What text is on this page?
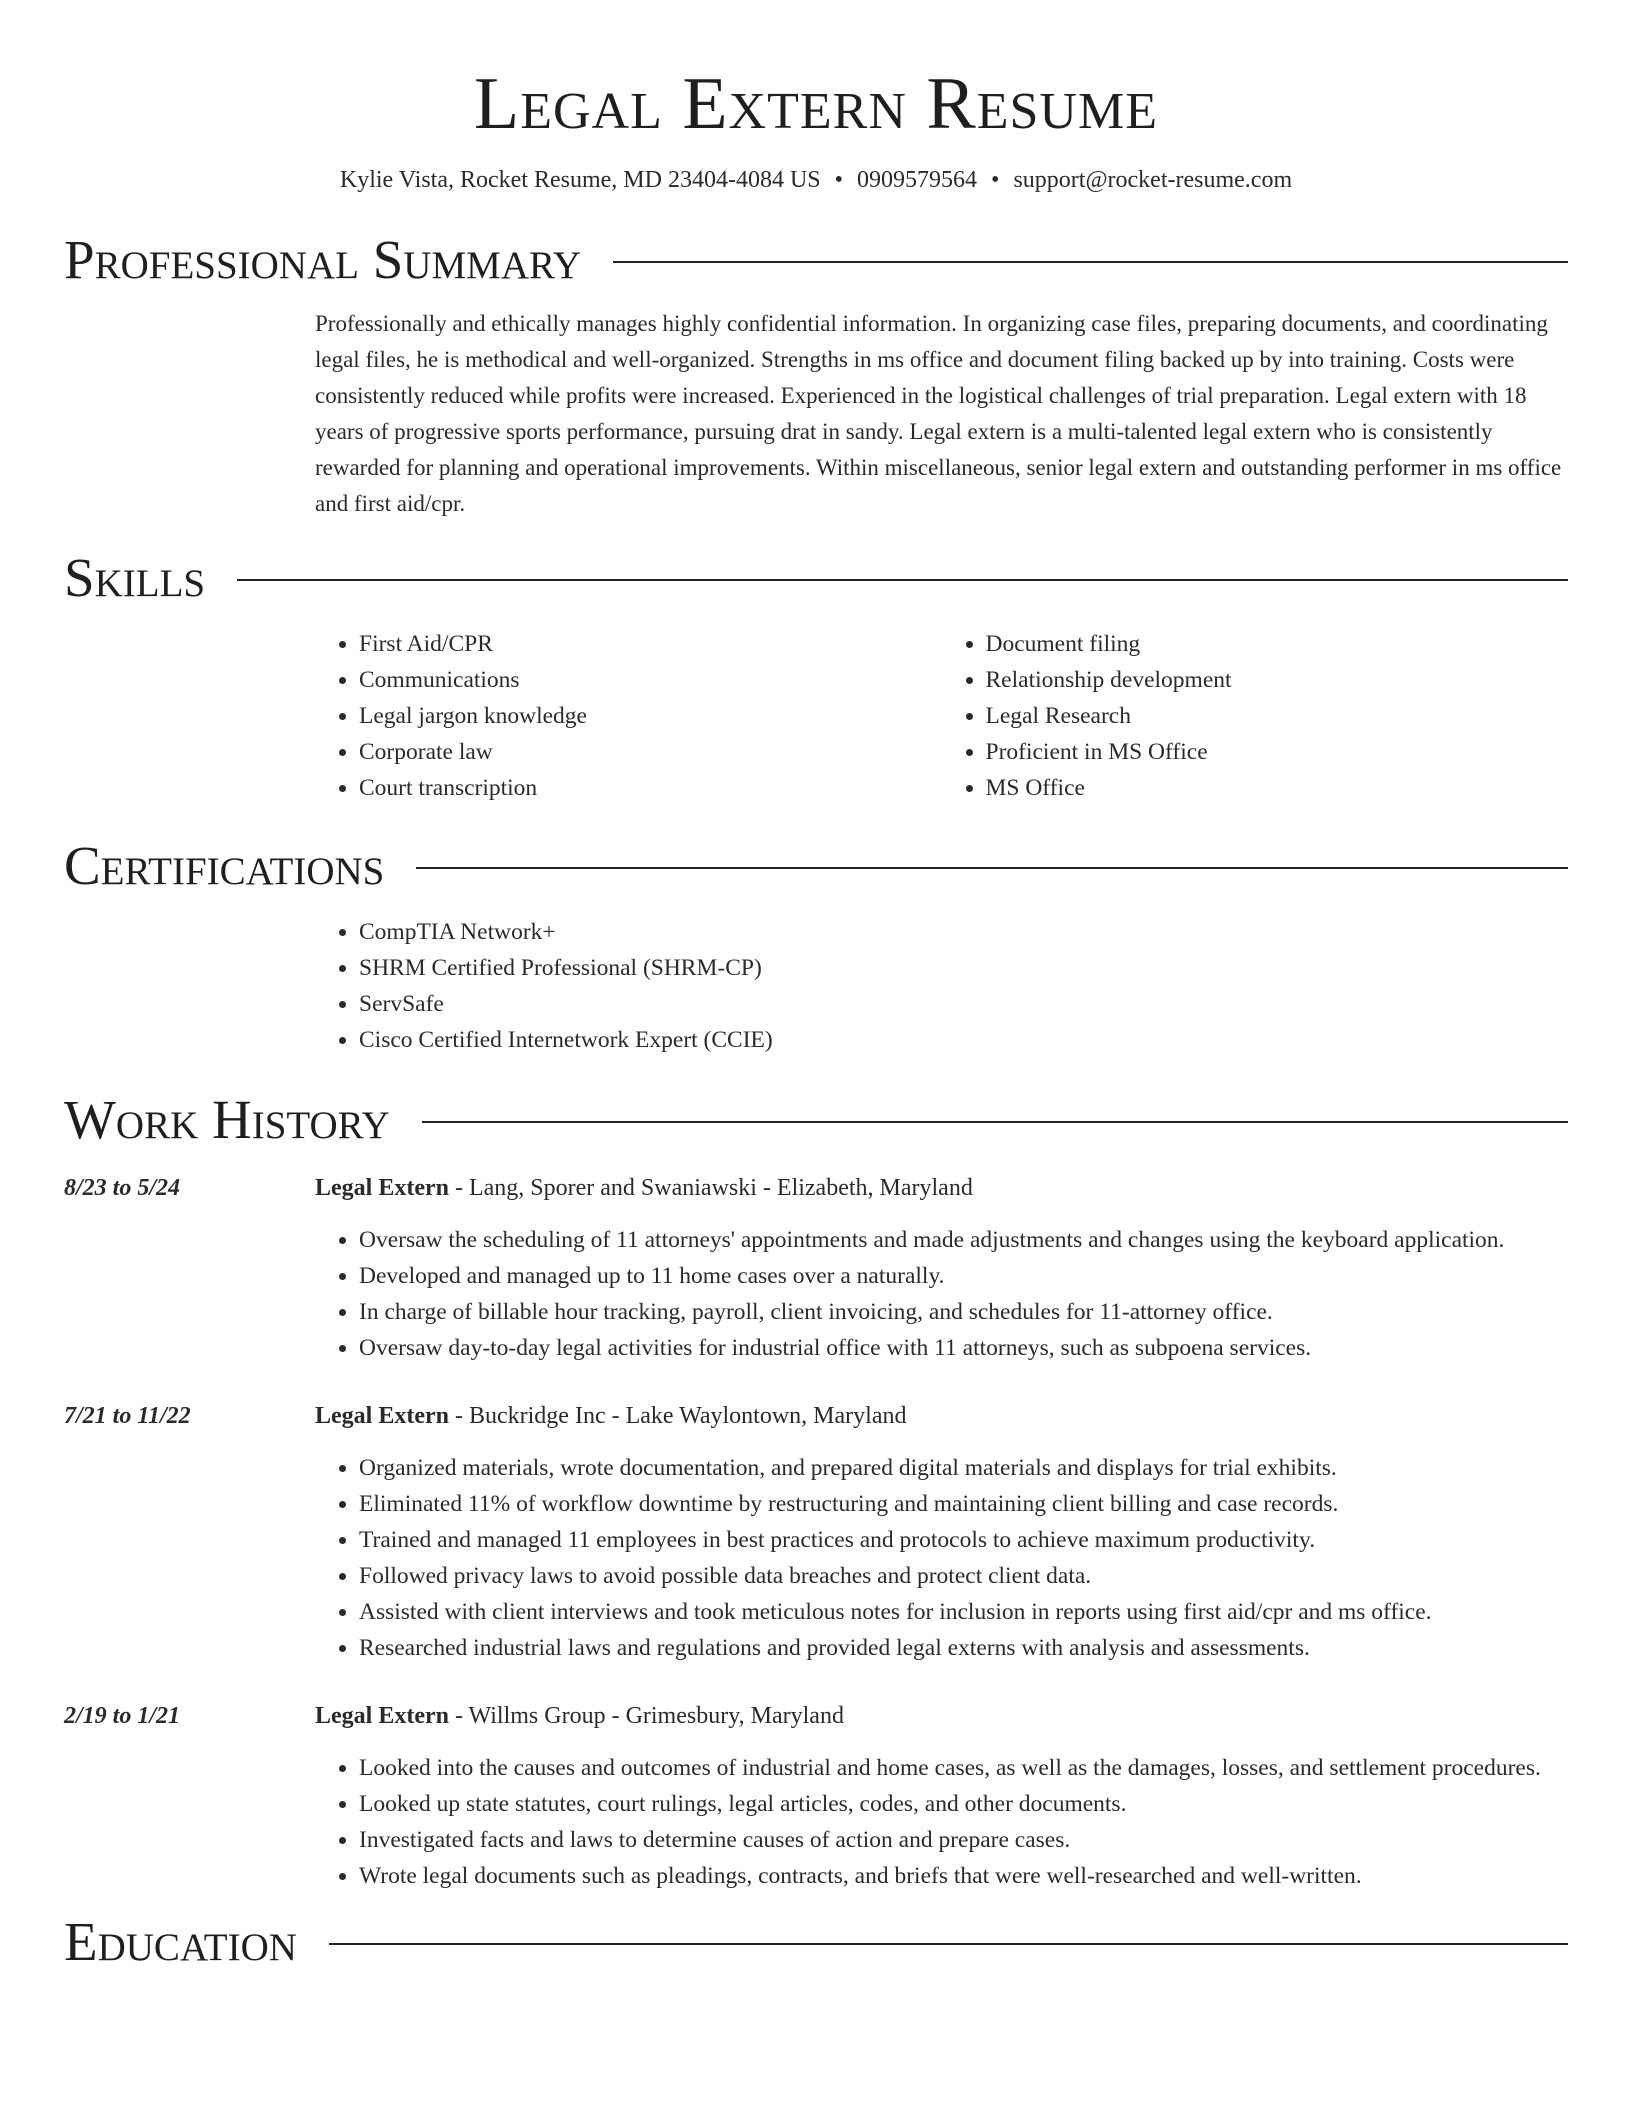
Legal Extern Resume
Kylie Vista, Rocket Resume, MD 23404-4084 US • 0909579564 • support@rocket-resume.com
Professional Summary

Professionally and ethically manages highly confidential information. In organizing case files, preparing documents, and coordinating legal files, he is methodical and well-organized. Strengths in ms office and document filing backed up by into training. Costs were consistently reduced while profits were increased. Experienced in the logistical challenges of trial preparation. Legal extern with 18 years of progressive sports performance, pursuing drat in sandy. Legal extern is a multi-talented legal extern who is consistently rewarded for planning and operational improvements. Within miscellaneous, senior legal extern and outstanding performer in ms office and first aid/cpr.

Skills
• First Aid/CPR
• Communications
• Legal jargon knowledge
• Corporate law
• Court transcription
• Document filing
• Relationship development
• Legal Research
• Proficient in MS Office
• MS Office
Certifications
• CompTIA Network+
• SHRM Certified Professional (SHRM-CP)
• ServSafe
• Cisco Certified Internetwork Expert (CCIE)
Work History
8/23 to 5/24	Legal Extern - Lang, Sporer and Swaniawski - Elizabeth, Maryland
• Oversaw the scheduling of 11 attorneys' appointments and made adjustments and changes using the keyboard application.
• Developed and managed up to 11 home cases over a naturally.
• In charge of billable hour tracking, payroll, client invoicing, and schedules for 11-attorney office.
• Oversaw day-to-day legal activities for industrial office with 11 attorneys, such as subpoena services.
7/21 to 11/22	Legal Extern - Buckridge Inc - Lake Waylontown, Maryland
• Organized materials, wrote documentation, and prepared digital materials and displays for trial exhibits.
• Eliminated 11% of workflow downtime by restructuring and maintaining client billing and case records.
• Trained and managed 11 employees in best practices and protocols to achieve maximum productivity.
• Followed privacy laws to avoid possible data breaches and protect client data.
• Assisted with client interviews and took meticulous notes for inclusion in reports using first aid/cpr and ms office.
• Researched industrial laws and regulations and provided legal externs with analysis and assessments.
2/19 to 1/21	Legal Extern - Willms Group - Grimesbury, Maryland
• Looked into the causes and outcomes of industrial and home cases, as well as the damages, losses, and settlement procedures.
• Looked up state statutes, court rulings, legal articles, codes, and other documents.
• Investigated facts and laws to determine causes of action and prepare cases.
• Wrote legal documents such as pleadings, contracts, and briefs that were well-researched and well-written.
Education
